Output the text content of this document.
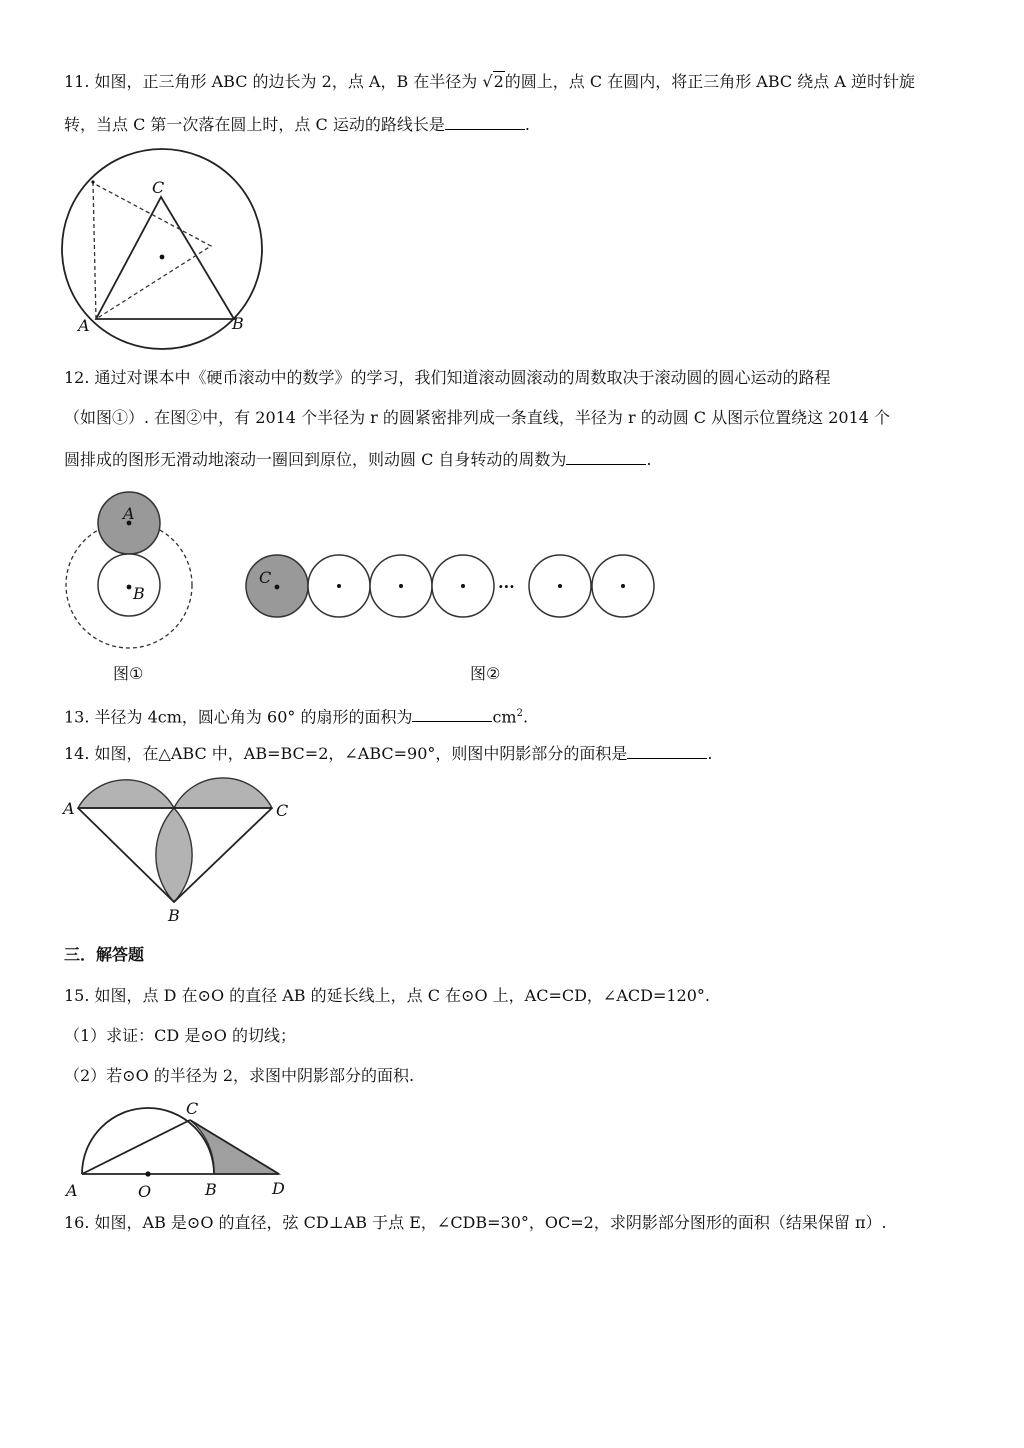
11. 如图，正三角形 ABC 的边长为 2，点 A，B 在半径为 √2的圆上，点 C 在圆内，将正三角形 ABC 绕点 A 逆时针旋
转，当点 C 第一次落在圆上时，点 C 运动的路线长是	.
A	B
C
12. 通过对课本中《硬币滚动中的数学》的学习，我们知道滚动圆滚动的周数取决于滚动圆的圆心运动的路程
（如图①）. 在图②中，有 2014 个半径为 r 的圆紧密排列成一条直线，半径为 r 的动圆 C 从图示位置绕这 2014 个
圆排成的图形无滑动地滚动一圈回到原位，则动圆 C 自身转动的周数为	.
A
B
图①
···
C
图②
13. 半径为 4cm，圆心角为 60° 的扇形的面积为	$cm^2$.
14. 如图，在△ABC 中，AB=BC=2，∠ABC=90°，则图中阴影部分的面积是	.
A	C
B
三．解答题
15. 如图，点 D 在⊙O 的直径 AB 的延长线上，点 C 在⊙O 上，AC=CD，∠ACD=120°.
（1）求证：CD 是⊙O 的切线；
（2）若⊙O 的半径为 2，求图中阴影部分的面积.
A	O	B	D
C
16. 如图，AB 是⊙O 的直径，弦 CD⊥AB 于点 E，∠CDB=30°，OC=2，求阴影部分图形的面积（结果保留 π）.
